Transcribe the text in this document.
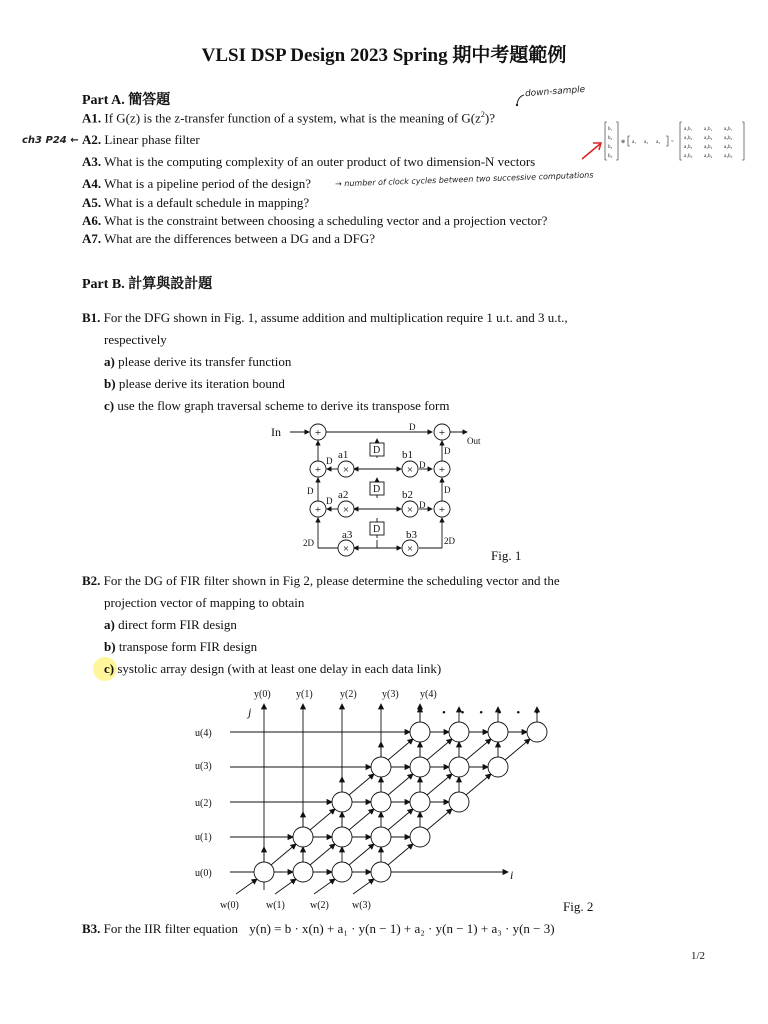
VLSI DSP Design 2023 Spring 期中考題範例
Part A. 簡答題
A1. If G(z) is the z-transfer function of a system, what is the meaning of $G(z^2)$?
A2. Linear phase filter
A3. What is the computing complexity of an outer product of two dimension-N vectors
A4. What is a pipeline period of the design?
A5. What is a default schedule in mapping?
A6. What is the constraint between choosing a scheduling vector and a projection vector?
A7. What are the differences between a DG and a DFG?
down-sample
ch3 P24 ←
→ number of clock cycles between two successive computations
b₁
b₂
b₃
b₄
⊗ a₁ a₂ a₃ =
a₁b₁ a₁b₁ a₃b₁
a₁b₂ a₂b₂ a₃b₂
a₁b₃ a₂b₃ a₃b₃
a₁b₄ a₂b₄ a₃b₄
Part B. 計算與設計題
B1. For the DFG shown in Fig. 1, assume addition and multiplication require 1 u.t. and 3 u.t.,
respectively
a) please derive its transfer function
b) please derive its iteration bound
c) use the flow graph traversal scheme to derive its transpose form
+	+
+	+
+	+
×	×
×	×
×	×
D
D
D
In
Out
D
D
D
D
D
D
D
D
2D	2D
a1
a2
a3
b1
b2
b3
Fig. 1
B2. For the DG of FIR filter shown in Fig 2, please determine the scheduling vector and the
projection vector of mapping to obtain
a) direct form FIR design
b) transpose form FIR design
c) systolic array design (with at least one delay in each data link)
y(0)	y(1)	y(2)	y(3) y(4)
u(0)
u(1)
u(2)
u(3)
u(4)
w(0)	w(1)	w(2) w(3)
j
i
• • • • • •
Fig. 2
B3. For the IIR filter equation y(n) = b · x(n) + a₁ · y(n − 1) + a₂ · y(n − 1) + a₃ · y(n − 3)
1/2
